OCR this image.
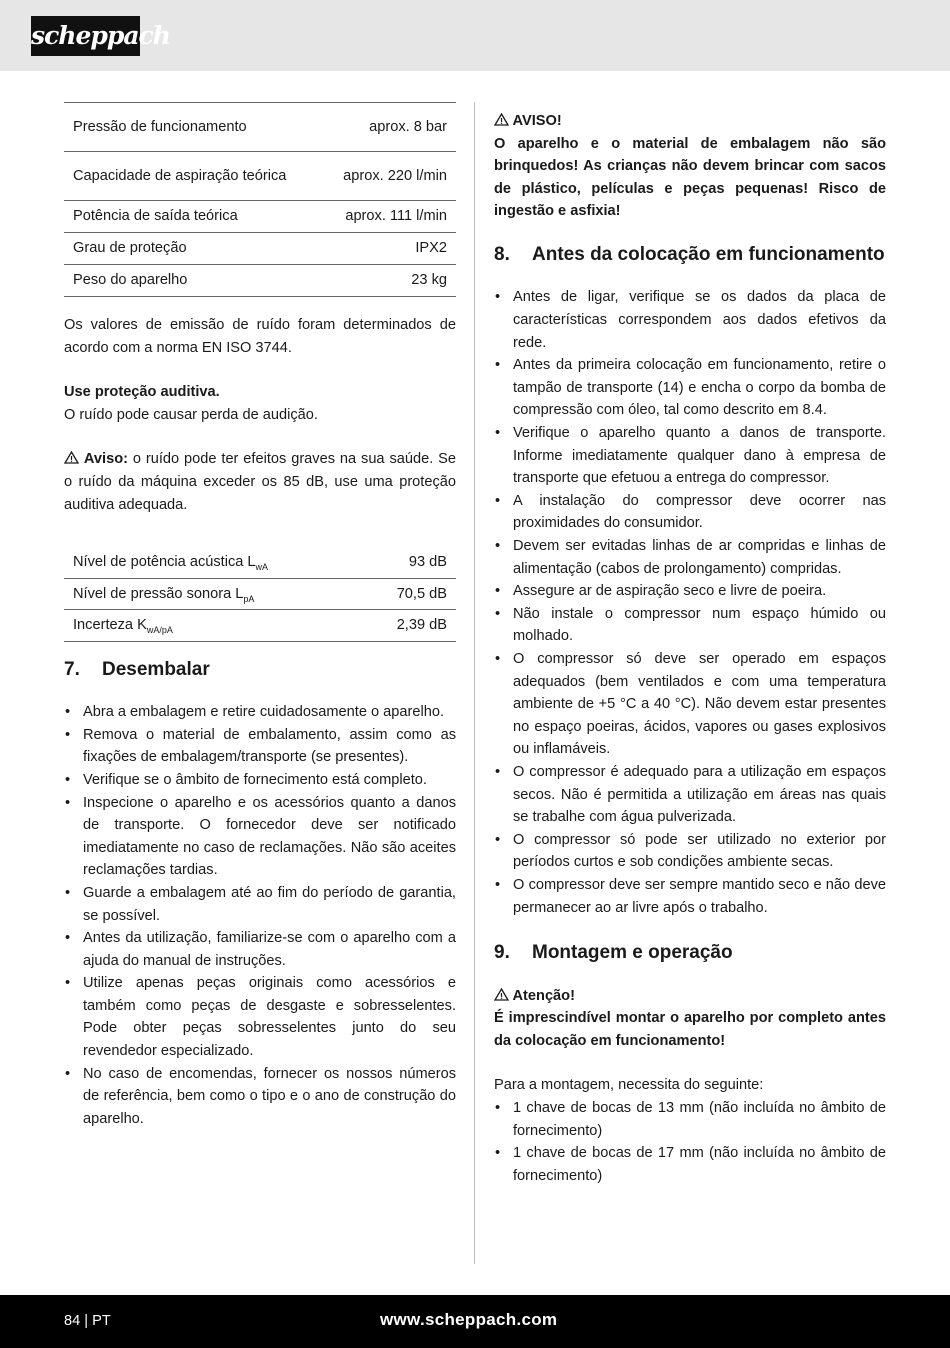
scheppach
Pressão de funcionamento	aprox. 8 bar
Capacidade de aspiração teórica	aprox. 220 l/min
Potência de saída teórica	aprox. 111 l/min
Grau de proteção	IPX2
Peso do aparelho	23 kg

Os valores de emissão de ruído foram determinados de acordo com a norma EN ISO 3744.

Use proteção auditiva.

O ruído pode causar perda de audição.

Aviso: o ruído pode ter efeitos graves na sua saúde. Se o ruído da máquina exceder os 85 dB, use uma proteção auditiva adequada.

Nível de potência acústica $L_{wA}$	93 dB
Nível de pressão sonora $L_{pA}$	70,5 dB
Incerteza $K_{wA/pA}$	2,39 dB
7.	Desembalar
• Abra a embalagem e retire cuidadosamente o aparelho.
• Remova o material de embalamento, assim como as fixações de embalagem/transporte (se presentes).
• Verifique se o âmbito de fornecimento está completo.
• Inspecione o aparelho e os acessórios quanto a danos de transporte. O fornecedor deve ser notificado imediatamente no caso de reclamações. Não são aceites reclamações tardias.
• Guarde a embalagem até ao fim do período de garantia, se possível.
• Antes da utilização, familiarize-se com o aparelho com a ajuda do manual de instruções.
• Utilize apenas peças originais como acessórios e também como peças de desgaste e sobresselentes. Pode obter peças sobresselentes junto do seu revendedor especializado.
• No caso de encomendas, fornecer os nossos números de referência, bem como o tipo e o ano de construção do aparelho.

AVISO!

O aparelho e o material de embalagem não são brinquedos! As crianças não devem brincar com sacos de plástico, películas e peças pequenas! Risco de ingestão e asfixia!

8.	Antes da colocação em funcionamento
• Antes de ligar, verifique se os dados da placa de características correspondem aos dados efetivos da rede.
• Antes da primeira colocação em funcionamento, retire o tampão de transporte (14) e encha o corpo da bomba de compressão com óleo, tal como descrito em 8.4.
• Verifique o aparelho quanto a danos de transporte. Informe imediatamente qualquer dano à empresa de transporte que efetuou a entrega do compressor.
• A instalação do compressor deve ocorrer nas proximidades do consumidor.
• Devem ser evitadas linhas de ar compridas e linhas de alimentação (cabos de prolongamento) compridas.
• Assegure ar de aspiração seco e livre de poeira.
• Não instale o compressor num espaço húmido ou molhado.
• O compressor só deve ser operado em espaços adequados (bem ventilados e com uma temperatura ambiente de +5 °C a 40 °C). Não devem estar presentes no espaço poeiras, ácidos, vapores ou gases explosivos ou inflamáveis.
• O compressor é adequado para a utilização em espaços secos. Não é permitida a utilização em áreas nas quais se trabalhe com água pulverizada.
• O compressor só pode ser utilizado no exterior por períodos curtos e sob condições ambiente secas.
• O compressor deve ser sempre mantido seco e não deve permanecer ao ar livre após o trabalho.
9.	Montagem e operação

Atenção!

É imprescindível montar o aparelho por completo antes da colocação em funcionamento!

Para a montagem, necessita do seguinte:

• 1 chave de bocas de 13 mm (não incluída no âmbito de fornecimento)
• 1 chave de bocas de 17 mm (não incluída no âmbito de fornecimento)
84 | PT	www.scheppach.com
